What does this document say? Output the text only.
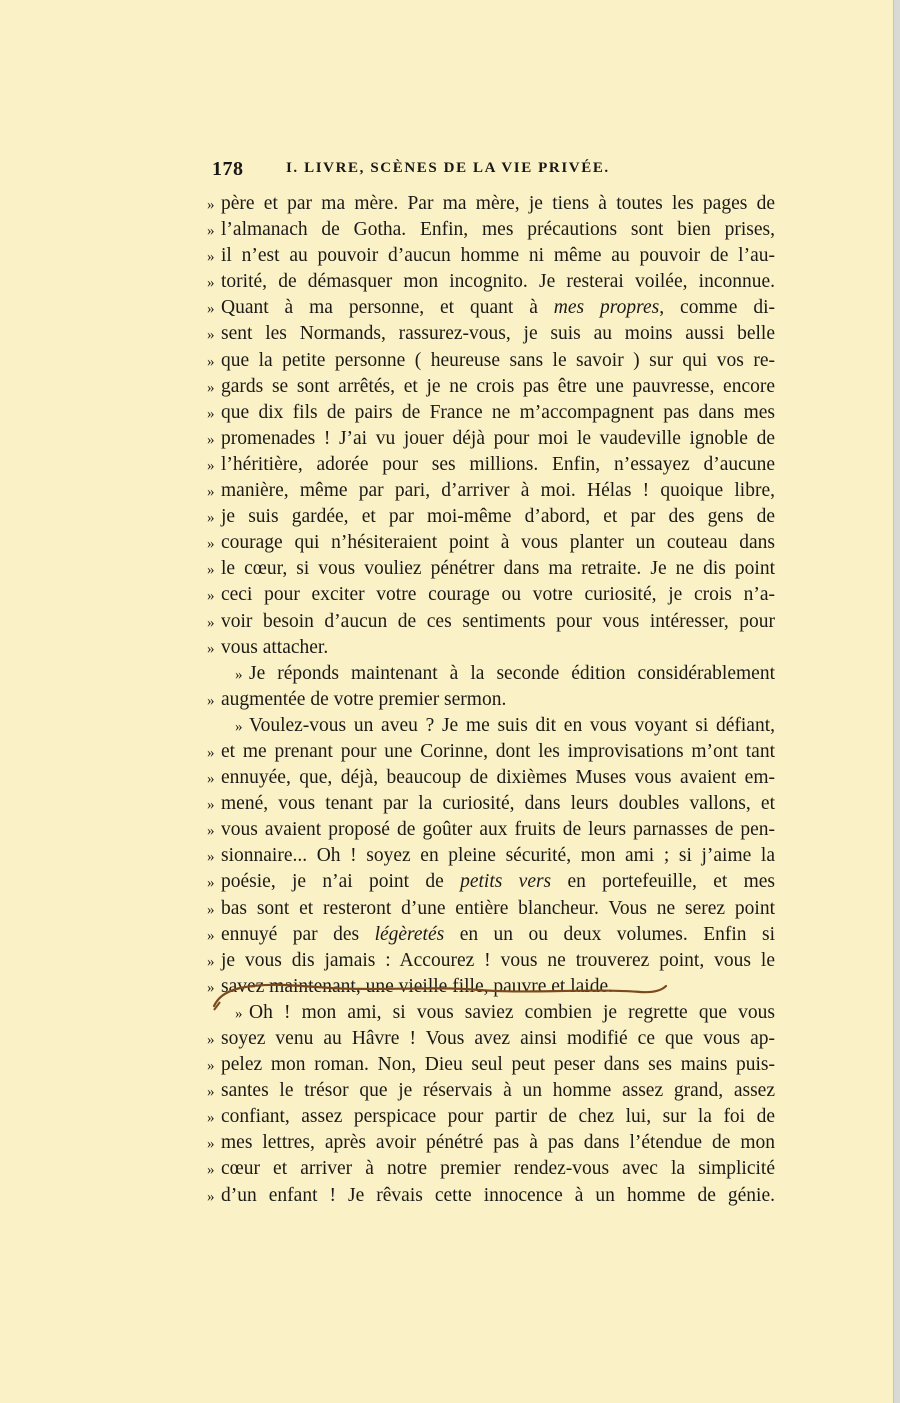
178	I. LIVRE, SCÈNES DE LA VIE PRIVÉE.
» père et par ma mère. Par ma mère, je tiens à toutes les pages de
» l’almanach de Gotha. Enfin, mes précautions sont bien prises,
» il n’est au pouvoir d’aucun homme ni même au pouvoir de l’au-
» torité, de démasquer mon incognito. Je resterai voilée, inconnue.
» Quant à ma personne, et quant à mes propres, comme di-
» sent les Normands, rassurez-vous, je suis au moins aussi belle
» que la petite personne ( heureuse sans le savoir ) sur qui vos re-
» gards se sont arrêtés, et je ne crois pas être une pauvresse, encore
» que dix fils de pairs de France ne m’accompagnent pas dans mes
» promenades ! J’ai vu jouer déjà pour moi le vaudeville ignoble de
» l’héritière, adorée pour ses millions. Enfin, n’essayez d’aucune
» manière, même par pari, d’arriver à moi. Hélas ! quoique libre,
» je suis gardée, et par moi-même d’abord, et par des gens de
» courage qui n’hésiteraient point à vous planter un couteau dans
» le cœur, si vous vouliez pénétrer dans ma retraite. Je ne dis point
» ceci pour exciter votre courage ou votre curiosité, je crois n’a-
» voir besoin d’aucun de ces sentiments pour vous intéresser, pour
» vous attacher.
» Je réponds maintenant à la seconde édition considérablement
» augmentée de votre premier sermon.
» Voulez-vous un aveu ? Je me suis dit en vous voyant si défiant,
» et me prenant pour une Corinne, dont les improvisations m’ont tant
» ennuyée, que, déjà, beaucoup de dixièmes Muses vous avaient em-
» mené, vous tenant par la curiosité, dans leurs doubles vallons, et
» vous avaient proposé de goûter aux fruits de leurs parnasses de pen-
» sionnaire... Oh ! soyez en pleine sécurité, mon ami ; si j’aime la
» poésie, je n’ai point de petits vers en portefeuille, et mes
» bas sont et resteront d’une entière blancheur. Vous ne serez point
» ennuyé par des légèretés en un ou deux volumes. Enfin si
» je vous dis jamais : Accourez ! vous ne trouverez point, vous le
» savez maintenant, une vieille fille, pauvre et laide.
» Oh ! mon ami, si vous saviez combien je regrette que vous
» soyez venu au Hâvre ! Vous avez ainsi modifié ce que vous ap-
» pelez mon roman. Non, Dieu seul peut peser dans ses mains puis-
» santes le trésor que je réservais à un homme assez grand, assez
» confiant, assez perspicace pour partir de chez lui, sur la foi de
» mes lettres, après avoir pénétré pas à pas dans l’étendue de mon
» cœur et arriver à notre premier rendez-vous avec la simplicité
» d’un enfant ! Je rêvais cette innocence à un homme de génie.
